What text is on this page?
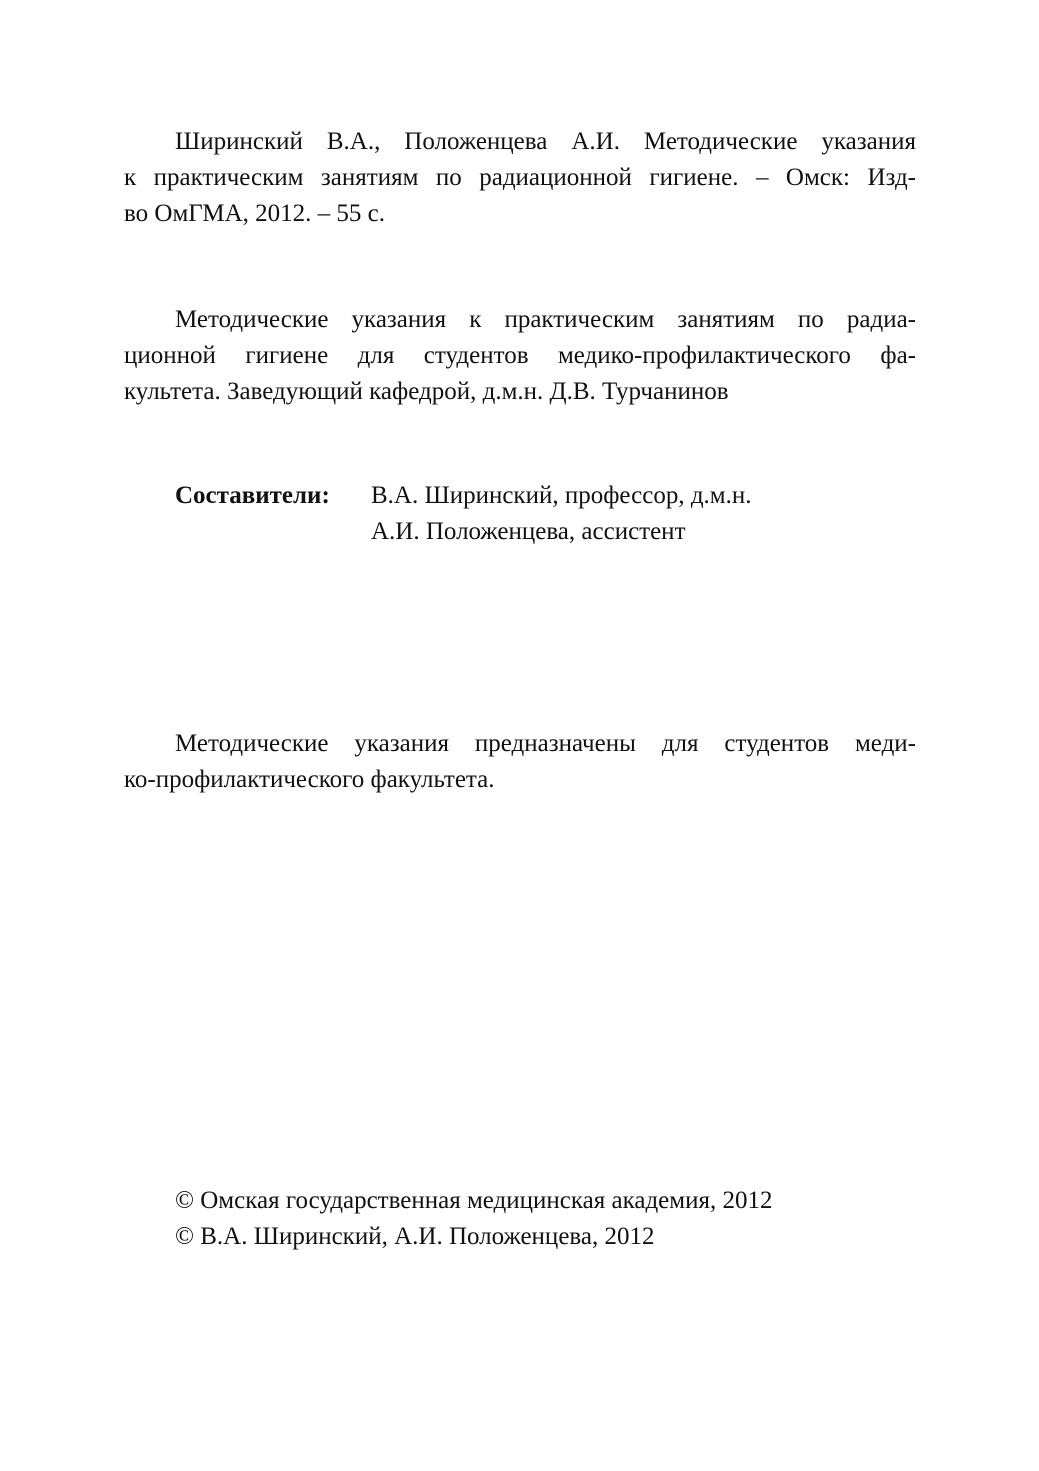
Ширинский В.А., Положенцева А.И. Методические указания
к практическим занятиям по радиационной гигиене. – Омск: Изд-
во ОмГМА, 2012. – 55 с.
Методические указания к практическим занятиям по радиа-
ционной гигиене для студентов медико-профилактического фа-
культета. Заведующий кафедрой, д.м.н. Д.В. Турчанинов
Составители: В.А. Ширинский, профессор, д.м.н.
А.И. Положенцева, ассистент
Методические указания предназначены для студентов меди-
ко-профилактического факультета.
© Омская государственная медицинская академия, 2012
© В.А. Ширинский, А.И. Положенцева, 2012
